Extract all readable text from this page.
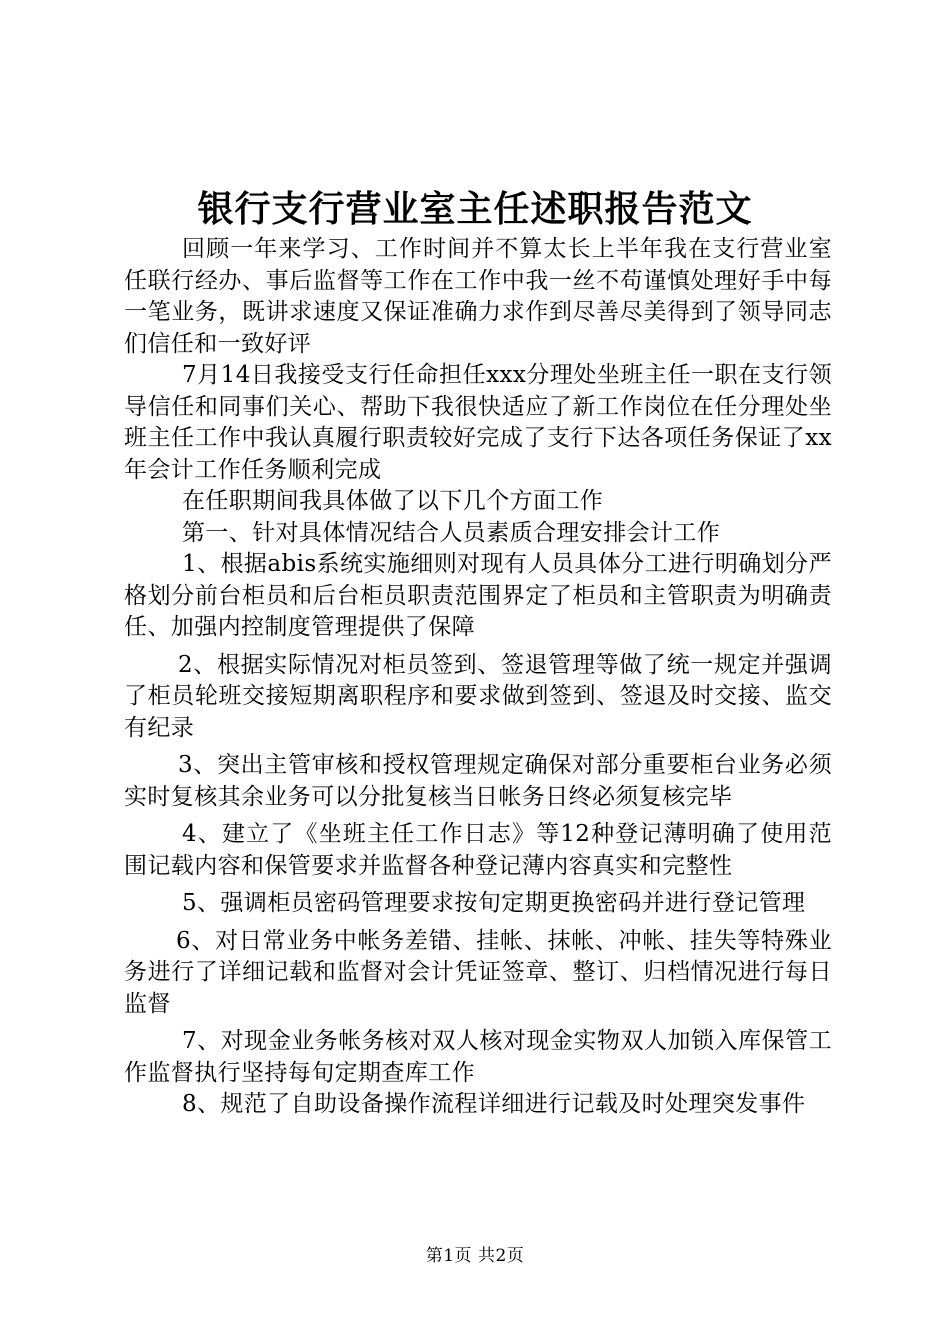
银行支行营业室主任述职报告范文

回顾一年来学习、工作时间并不算太长上半年我在支行营业室任联行经办、事后监督等工作在工作中我一丝不苟谨慎处理好手中每一笔业务，既讲求速度又保证准确力求作到尽善尽美得到了领导同志们信任和一致好评

7月14日我接受支行任命担任xxx分理处坐班主任一职在支行领导信任和同事们关心、帮助下我很快适应了新工作岗位在任分理处坐班主任工作中我认真履行职责较好完成了支行下达各项任务保证了xx年会计工作任务顺利完成

在任职期间我具体做了以下几个方面工作

第一、针对具体情况结合人员素质合理安排会计工作

1、根据abis系统实施细则对现有人员具体分工进行明确划分严格划分前台柜员和后台柜员职责范围界定了柜员和主管职责为明确责任、加强内控制度管理提供了保障

2、根据实际情况对柜员签到、签退管理等做了统一规定并强调了柜员轮班交接短期离职程序和要求做到签到、签退及时交接、监交有纪录

3、突出主管审核和授权管理规定确保对部分重要柜台业务必须实时复核其余业务可以分批复核当日帐务日终必须复核完毕

4、建立了《坐班主任工作日志》等12种登记薄明确了使用范围记载内容和保管要求并监督各种登记薄内容真实和完整性

5、强调柜员密码管理要求按旬定期更换密码并进行登记管理

6、对日常业务中帐务差错、挂帐、抹帐、冲帐、挂失等特殊业务进行了详细记载和监督对会计凭证签章、整订、归档情况进行每日监督

7、对现金业务帐务核对双人核对现金实物双人加锁入库保管工作监督执行坚持每旬定期查库工作

8、规范了自助设备操作流程详细进行记载及时处理突发事件

第1页 共2页
